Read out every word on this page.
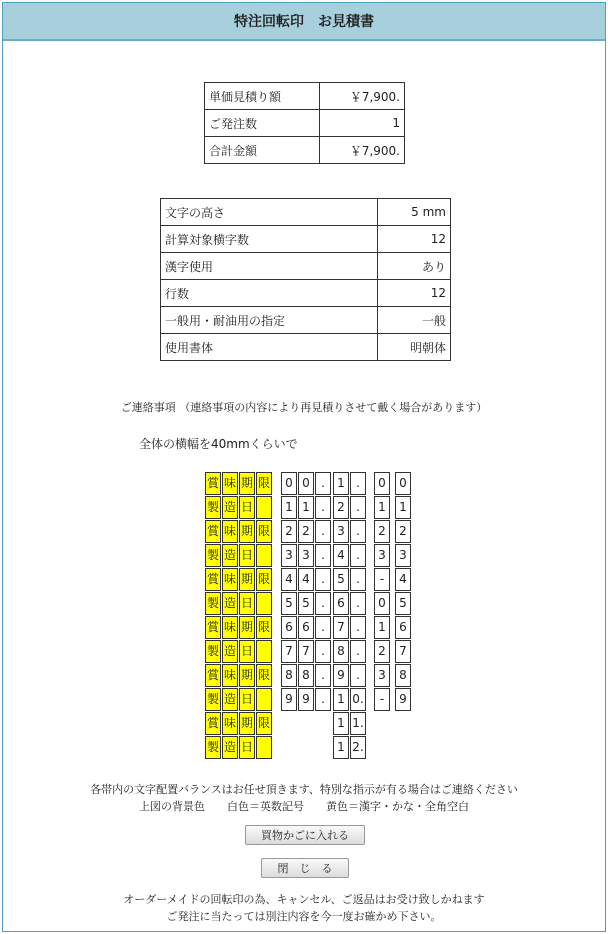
特注回転印　お見積書
単価見積り額	￥7,900.
ご発注数	1
合計金額	￥7,900.
文字の高さ	5 mm
計算対象横字数	12
漢字使用	あり
行数	12
一般用・耐油用の指定	一般
使用書体	明朝体
ご連絡事項 （連絡事項の内容により再見積りさせて戴く場合があります）
全体の横幅を40mmくらいで
賞 味 期 限	0 0 .	1 .	0	0
製 造 日	1 1 .	2 .	1	1
賞 味 期 限	2 2 .	3 .	2	2
製 造 日	3 3 .	4 .	3	3
賞 味 期 限	4 4 .	5 .	-	4
製 造 日	5 5 .	6 .	0	5
賞 味 期 限	6 6 .	7 .	1	6
製 造 日	7 7 .	8 .	2	7
賞 味 期 限	8 8 .	9 .	3	8
製 造 日	9 9 .	1 0.	-	9
賞 味 期 限	1 1.
製 造 日	1 2.
各帯内の文字配置バランスはお任せ頂きます、特別な指示が有る場合はご連絡ください
上図の背景色　　白色＝英数記号　　黄色＝漢字・かな・全角空白
買物かごに入れる
閉　じ　る
オーダーメイドの回転印の為、キャンセル、ご返品はお受け致しかねます
ご発注に当たっては別注内容を今一度お確かめ下さい。
